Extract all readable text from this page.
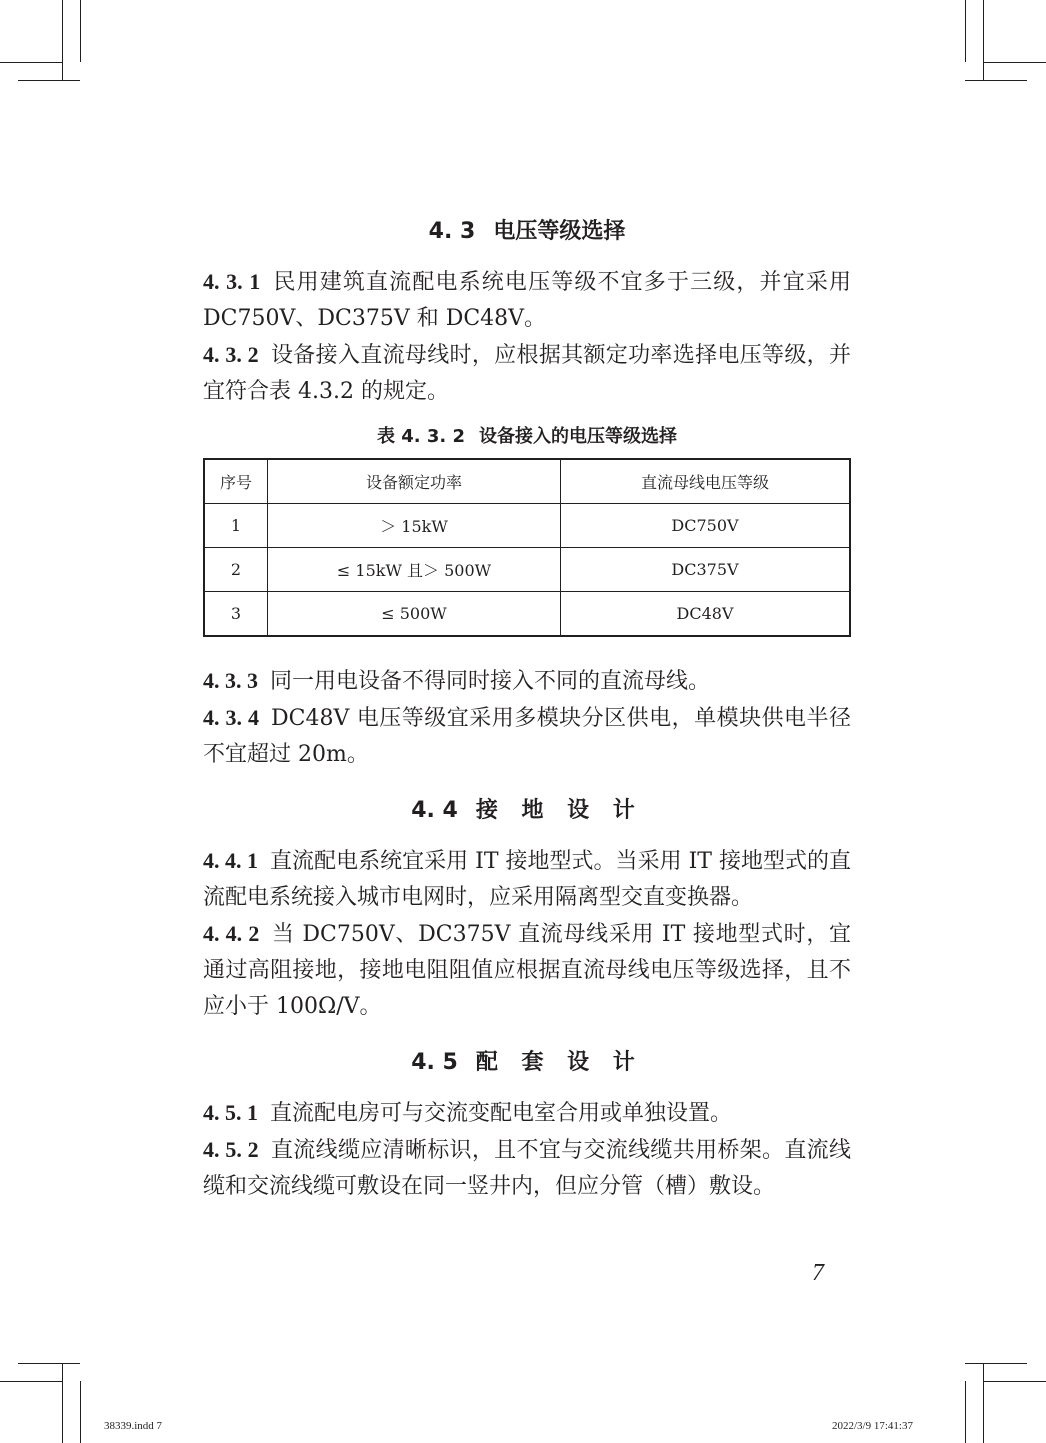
4. 3 电压等级选择

4. 3. 1 民用建筑直流配电系统电压等级不宜多于三级，并宜采用 DC750V、DC375V 和 DC48V。

4. 3. 2 设备接入直流母线时，应根据其额定功率选择电压等级，并宜符合表 4.3.2 的规定。

表 4. 3. 2 设备接入的电压等级选择
序号	设备额定功率	直流母线电压等级
1	＞ 15kW	DC750V
2	≤ 15kW 且＞ 500W	DC375V
3	≤ 500W	DC48V

4. 3. 3 同一用电设备不得同时接入不同的直流母线。

4. 3. 4 DC48V 电压等级宜采用多模块分区供电，单模块供电半径不宜超过 20m。

4. 4 接 地 设 计

4. 4. 1 直流配电系统宜采用 IT 接地型式。当采用 IT 接地型式的直流配电系统接入城市电网时，应采用隔离型交直变换器。

4. 4. 2 当 DC750V、DC375V 直流母线采用 IT 接地型式时，宜通过高阻接地，接地电阻阻值应根据直流母线电压等级选择，且不应小于 100Ω/V。

4. 5 配 套 设 计

4. 5. 1 直流配电房可与交流变配电室合用或单独设置。

4. 5. 2 直流线缆应清晰标识，且不宜与交流线缆共用桥架。直流线缆和交流线缆可敷设在同一竖井内，但应分管（槽）敷设。

7
38339.indd 7	2022/3/9 17:41:37
